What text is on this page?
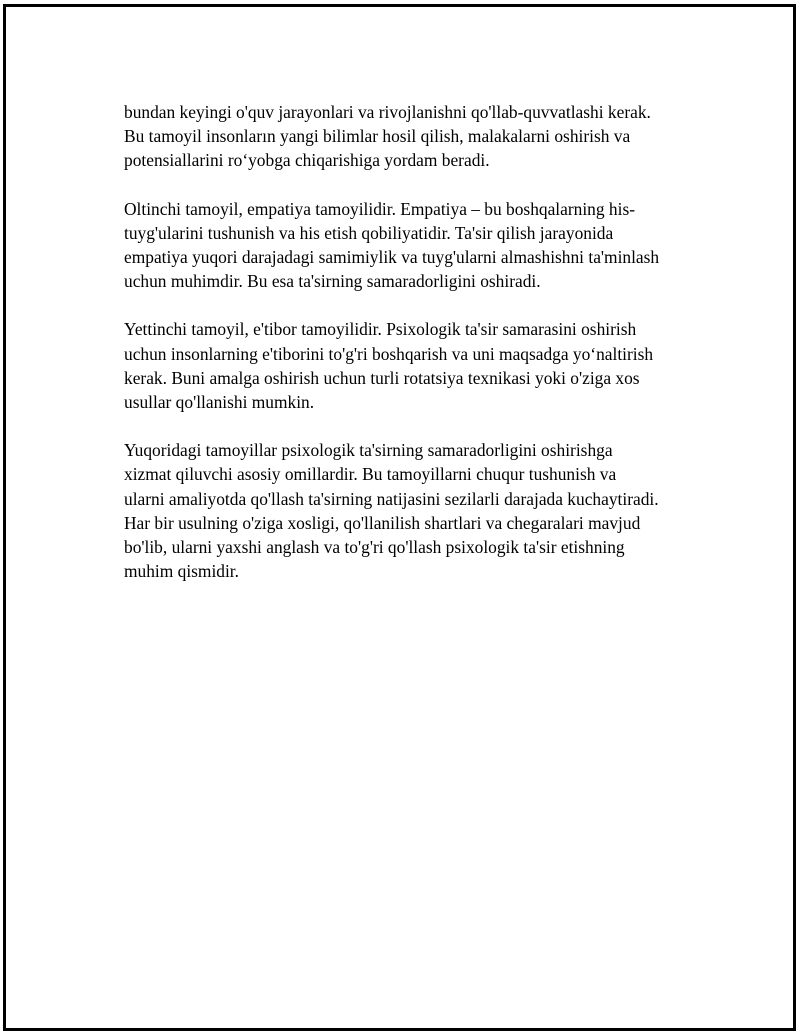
bundan keyingi o'quv jarayonlari va rivojlanishni qo'llab-quvvatlashi kerak.
Bu tamoyil insonların yangi bilimlar hosil qilish, malakalarni oshirish va
potensiallarini ro‘yobga chiqarishiga yordam beradi.

Oltinchi tamoyil, empatiya tamoyilidir. Empatiya – bu boshqalarning his-
tuyg'ularini tushunish va his etish qobiliyatidir. Ta'sir qilish jarayonida
empatiya yuqori darajadagi samimiylik va tuyg'ularni almashishni ta'minlash
uchun muhimdir. Bu esa ta'sirning samaradorligini oshiradi.

Yettinchi tamoyil, e'tibor tamoyilidir. Psixologik ta'sir samarasini oshirish
uchun insonlarning e'tiborini to'g'ri boshqarish va uni maqsadga yo‘naltirish
kerak. Buni amalga oshirish uchun turli rotatsiya texnikasi yoki o'ziga xos
usullar qo'llanishi mumkin.

Yuqoridagi tamoyillar psixologik ta'sirning samaradorligini oshirishga
xizmat qiluvchi asosiy omillardir. Bu tamoyillarni chuqur tushunish va
ularni amaliyotda qo'llash ta'sirning natijasini sezilarli darajada kuchaytiradi.
Har bir usulning o'ziga xosligi, qo'llanilish shartlari va chegaralari mavjud
bo'lib, ularni yaxshi anglash va to'g'ri qo'llash psixologik ta'sir etishning
muhim qismidir.
